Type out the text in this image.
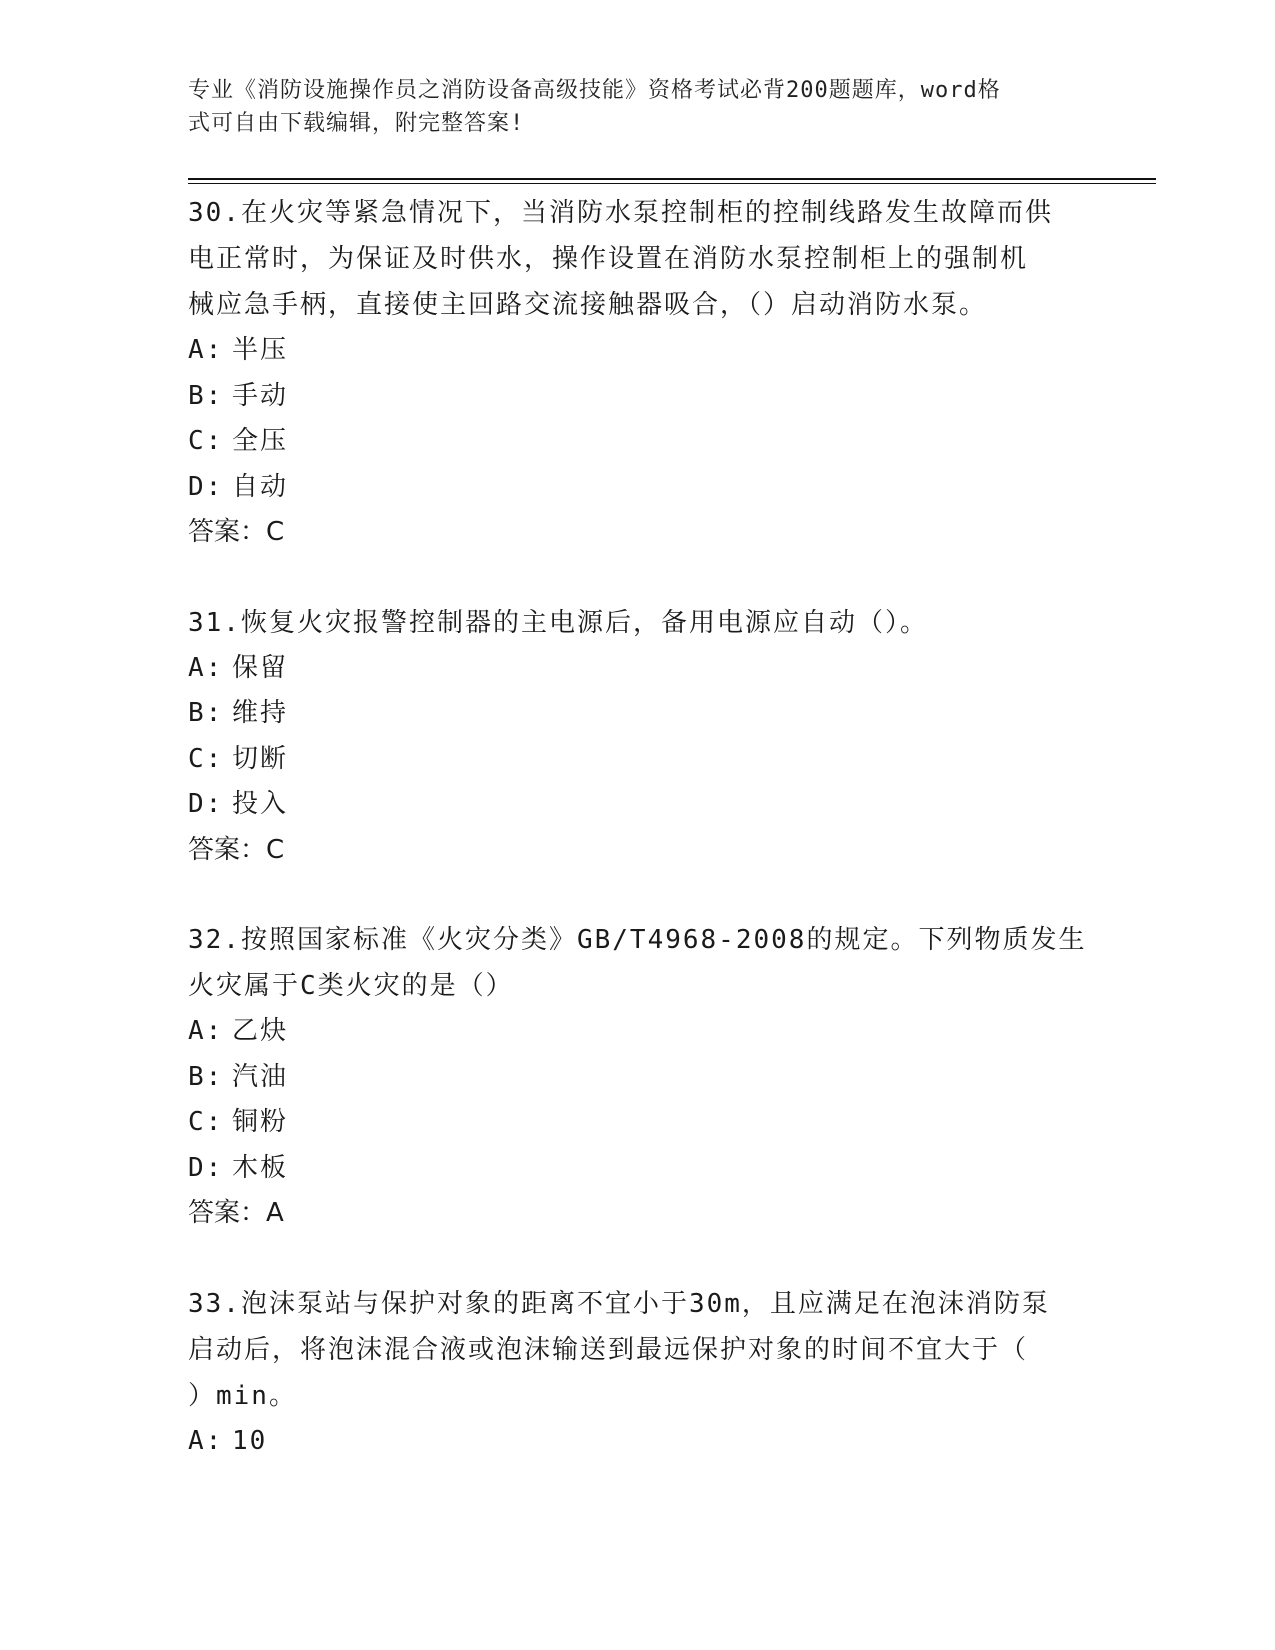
专业《消防设施操作员之消防设备高级技能》资格考试必背200题题库，word格
式可自由下载编辑，附完整答案!
30.在火灾等紧急情况下，当消防水泵控制柜的控制线路发生故障而供
电正常时，为保证及时供水，操作设置在消防水泵控制柜上的强制机
械应急手柄，直接使主回路交流接触器吸合，（）启动消防水泵。
A: 半压
B: 手动
C: 全压
D: 自动
答案：C
31.恢复火灾报警控制器的主电源后，备用电源应自动（）。
A: 保留
B: 维持
C: 切断
D: 投入
答案：C
32.按照国家标准《火灾分类》GB/T4968-2008的规定。下列物质发生
火灾属于C类火灾的是（）
A: 乙炔
B: 汽油
C: 铜粉
D: 木板
答案：A
33.泡沫泵站与保护对象的距离不宜小于30m，且应满足在泡沫消防泵
启动后，将泡沫混合液或泡沫输送到最远保护对象的时间不宜大于（
）min。
A: 10
